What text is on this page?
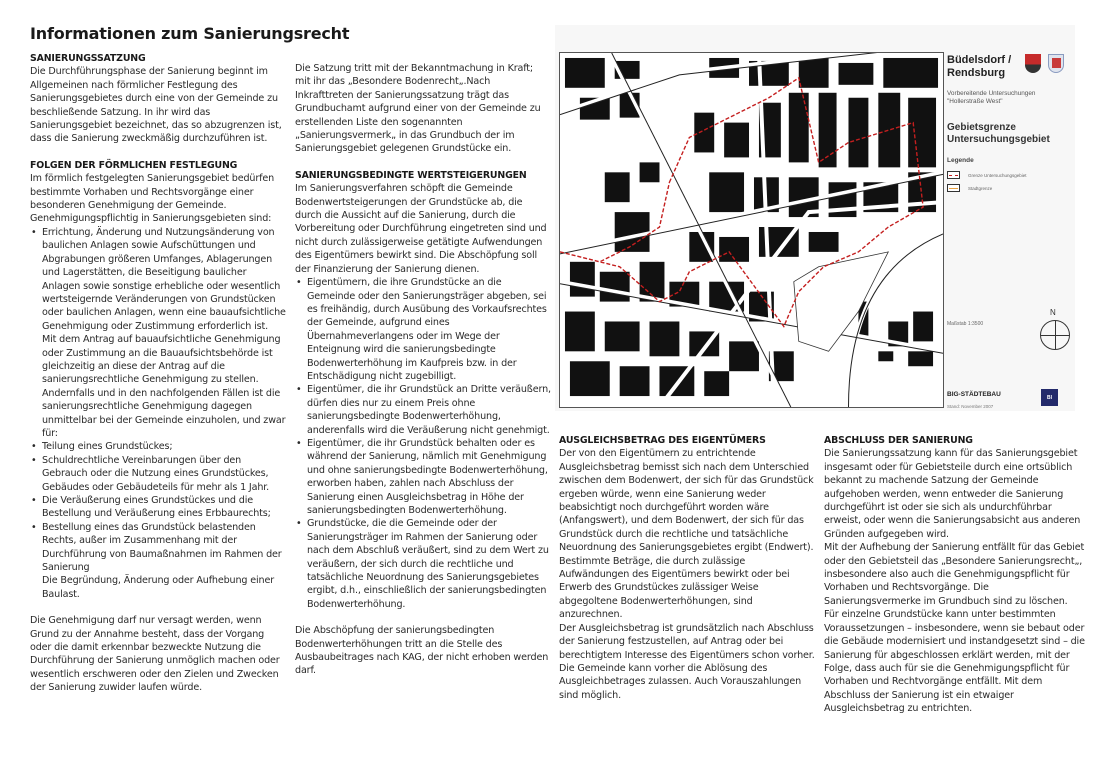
Informationen zum Sanierungsrecht
SANIERUNGSSATZUNG

Die Durchführungsphase der Sanierung beginnt im Allgemeinen nach förmlicher Festlegung des Sanierungsgebietes durch eine von der Gemeinde zu beschließende Satzung. In ihr wird das Sanierungsgebiet bezeichnet, das so abzugrenzen ist, dass die Sanierung zweckmäßig durchzuführen ist.

FOLGEN DER FÖRMLICHEN FESTLEGUNG

Im förmlich festgelegten Sanierungsgebiet bedürfen bestimmte Vorhaben und Rechtsvorgänge einer besonderen Genehmigung der Gemeinde. Genehmigungspflichtig in Sanierungsgebieten sind:

• Errichtung, Änderung und Nutzungsänderung von baulichen Anlagen sowie Aufschüttungen und Abgrabungen größeren Umfanges, Ablagerungen und Lagerstätten, die Beseitigung baulicher Anlagen sowie sonstige erhebliche oder wesentlich wertsteigernde Veränderungen von Grundstücken oder baulichen Anlagen, wenn eine bauaufsichtliche Genehmigung oder Zustimmung erforderlich ist.
Mit dem Antrag auf bauaufsichtliche Genehmigung oder Zustimmung an die Bauaufsichtsbehörde ist gleichzeitig an diese der Antrag auf die sanierungsrechtliche Genehmigung zu stellen. Andernfalls und in den nachfolgenden Fällen ist die sanierungsrechtliche Genehmigung dagegen unmittelbar bei der Gemeinde einzuholen, und zwar für:
• Teilung eines Grundstückes;
• Schuldrechtliche Vereinbarungen über den Gebrauch oder die Nutzung eines Grundstückes, Gebäudes oder Gebäudeteils für mehr als 1 Jahr.
• Die Veräußerung eines Grundstückes und die Bestellung und Veräußerung eines Erbbaurechts;
• Bestellung eines das Grundstück belastenden Rechts, außer im Zusammenhang mit der Durchführung von Baumaßnahmen im Rahmen der Sanierung
Die Begründung, Änderung oder Aufhebung einer Baulast.

Die Genehmigung darf nur versagt werden, wenn Grund zu der Annahme besteht, dass der Vorgang oder die damit erkennbar bezweckte Nutzung die Durchführung der Sanierung unmöglich machen oder wesentlich erschweren oder den Zielen und Zwecken der Sanierung zuwider laufen würde.

Die Satzung tritt mit der Bekanntmachung in Kraft; mit ihr das „Besondere Bodenrecht„.Nach Inkrafttreten der Sanierungssatzung trägt das Grundbuchamt aufgrund einer von der Gemeinde zu erstellenden Liste den sogenannten „Sanierungsvermerk„ in das Grundbuch der im Sanierungsgebiet gelegenen Grundstücke ein.

SANIERUNGSBEDINGTE WERTSTEIGERUNGEN

Im Sanierungsverfahren schöpft die Gemeinde Bodenwertsteigerungen der Grundstücke ab, die durch die Aussicht auf die Sanierung, durch die Vorbereitung oder Durchführung eingetreten sind und nicht durch zulässigerweise getätigte Aufwendungen des Eigentümers bewirkt sind. Die Abschöpfung soll der Finanzierung der Sanierung dienen.

• Eigentümern, die ihre Grundstücke an die Gemeinde oder den Sanierungsträger abgeben, sei es freihändig, durch Ausübung des Vorkaufsrechtes der Gemeinde, aufgrund eines Übernahmeverlangens oder im Wege der Enteignung wird die sanierungsbedingte Bodenwerterhöhung im Kaufpreis bzw. in der Entschädigung nicht zugebilligt.
• Eigentümer, die ihr Grundstück an Dritte veräußern, dürfen dies nur zu einem Preis ohne sanierungsbedingte Bodenwerterhöhung, anderenfalls wird die Veräußerung nicht genehmigt.
• Eigentümer, die ihr Grundstück behalten oder es während der Sanierung, nämlich mit Genehmigung und ohne sanierungsbedingte Bodenwerterhöhung, erworben haben, zahlen nach Abschluss der Sanierung einen Ausgleichsbetrag in Höhe der sanierungsbedingten Bodenwerterhöhung.
• Grundstücke, die die Gemeinde oder der Sanierungsträger im Rahmen der Sanierung oder nach dem Abschluß veräußert, sind zu dem Wert zu veräußern, der sich durch die rechtliche und tatsächliche Neuordnung des Sanierungsgebietes ergibt, d.h., einschließlich der sanierungsbedingten Bodenwerterhöhung.

Die Abschöpfung der sanierungsbedingten Bodenwerterhöhungen tritt an die Stelle des Ausbaubeitrages nach KAG, der nicht erhoben werden darf.

Büdelsdorf /
Rendsburg
Vorbereitende Untersuchungen
"Hollerstraße West"
Gebietsgrenze
Untersuchungsgebiet
Legende
Grenze Untersuchungsgebiet
Stadtgrenze
Maßstab 1:3500
N
BIG-STÄDTEBAU
Stand: November 2007
BI
AUSGLEICHSBETRAG DES EIGENTÜMERS

Der von den Eigentümern zu entrichtende Ausgleichsbetrag bemisst sich nach dem Unterschied zwischen dem Bodenwert, der sich für das Grundstück ergeben würde, wenn eine Sanierung weder beabsichtigt noch durchgeführt worden wäre (Anfangswert), und dem Bodenwert, der sich für das Grundstück durch die rechtliche und tatsächliche Neuordnung des Sanierungsgebietes ergibt (Endwert).

Bestimmte Beträge, die durch zulässige Aufwändungen des Eigentümers bewirkt oder bei Erwerb des Grundstückes zulässiger Weise abgegoltene Bodenwerterhöhungen, sind anzurechnen.

Der Ausgleichsbetrag ist grundsätzlich nach Abschluss der Sanierung festzustellen, auf Antrag oder bei berechtigtem Interesse des Eigentümers schon vorher. Die Gemeinde kann vorher die Ablösung des Ausgleichbetrages zulassen. Auch Vorauszahlungen sind möglich.

ABSCHLUSS DER SANIERUNG

Die Sanierungssatzung kann für das Sanierungsgebiet insgesamt oder für Gebietsteile durch eine ortsüblich bekannt zu machende Satzung der Gemeinde aufgehoben werden, wenn entweder die Sanierung durchgeführt ist oder sie sich als undurchführbar erweist, oder wenn die Sanierungsabsicht aus anderen Gründen aufgegeben wird.

Mit der Aufhebung der Sanierung entfällt für das Gebiet oder den Gebietsteil das „Besondere Sanierungsrecht„, insbesondere also auch die Genehmigungspflicht für Vorhaben und Rechtsvorgänge. Die Sanierungsvermerke im Grundbuch sind zu löschen.

Für einzelne Grundstücke kann unter bestimmten Voraussetzungen – insbesondere, wenn sie bebaut oder die Gebäude modernisiert und instandgesetzt sind – die Sanierung für abgeschlossen erklärt werden, mit der Folge, dass auch für sie die Genehmigungspflicht für Vorhaben und Rechtvorgänge entfällt. Mit dem Abschluss der Sanierung ist ein etwaiger Ausgleichsbetrag zu entrichten.
